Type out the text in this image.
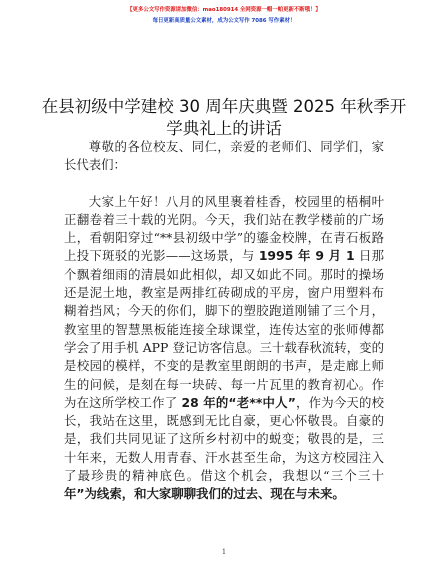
【更多公文写作资源请加微信：mao180914 全网资源一帽一帕更新不断哦！】
每日更新高质量公文素材，成为公文写作 7086 写作素材！
在县初级中学建校 30 周年庆典暨 2025 年秋季开学典礼上的讲话

尊敬的各位校友、同仁，亲爱的老师们、同学们，家长代表们：

大家上午好！八月的风里裹着桂香，校园里的梧桐叶正翻卷着三十载的光阴。今天，我们站在教学楼前的广场上，看朝阳穿过“**县初级中学”的鎏金校牌，在青石板路上投下斑驳的光影——这场景，与 1995 年 9 月 1 日那个飘着细雨的清晨如此相似，却又如此不同。那时的操场还是泥土地，教室是两排红砖砌成的平房，窗户用塑料布糊着挡风；今天的你们，脚下的塑胶跑道刚铺了三个月，教室里的智慧黑板能连接全球课堂，连传达室的张师傅都学会了用手机 APP 登记访客信息。三十载春秋流转，变的是校园的模样，不变的是教室里朗朗的书声，是走廊上师生的问候，是刻在每一块砖、每一片瓦里的教育初心。作为在这所学校工作了 28 年的“老**中人”，作为今天的校长，我站在这里，既感到无比自豪，更心怀敬畏。自豪的是，我们共同见证了这所乡村初中的蜕变；敬畏的是，三十年来，无数人用青春、汗水甚至生命，为这方校园注入了最珍贵的精神底色。借这个机会，我想以“三个三十年”为线索，和大家聊聊我们的过去、现在与未来。

1
